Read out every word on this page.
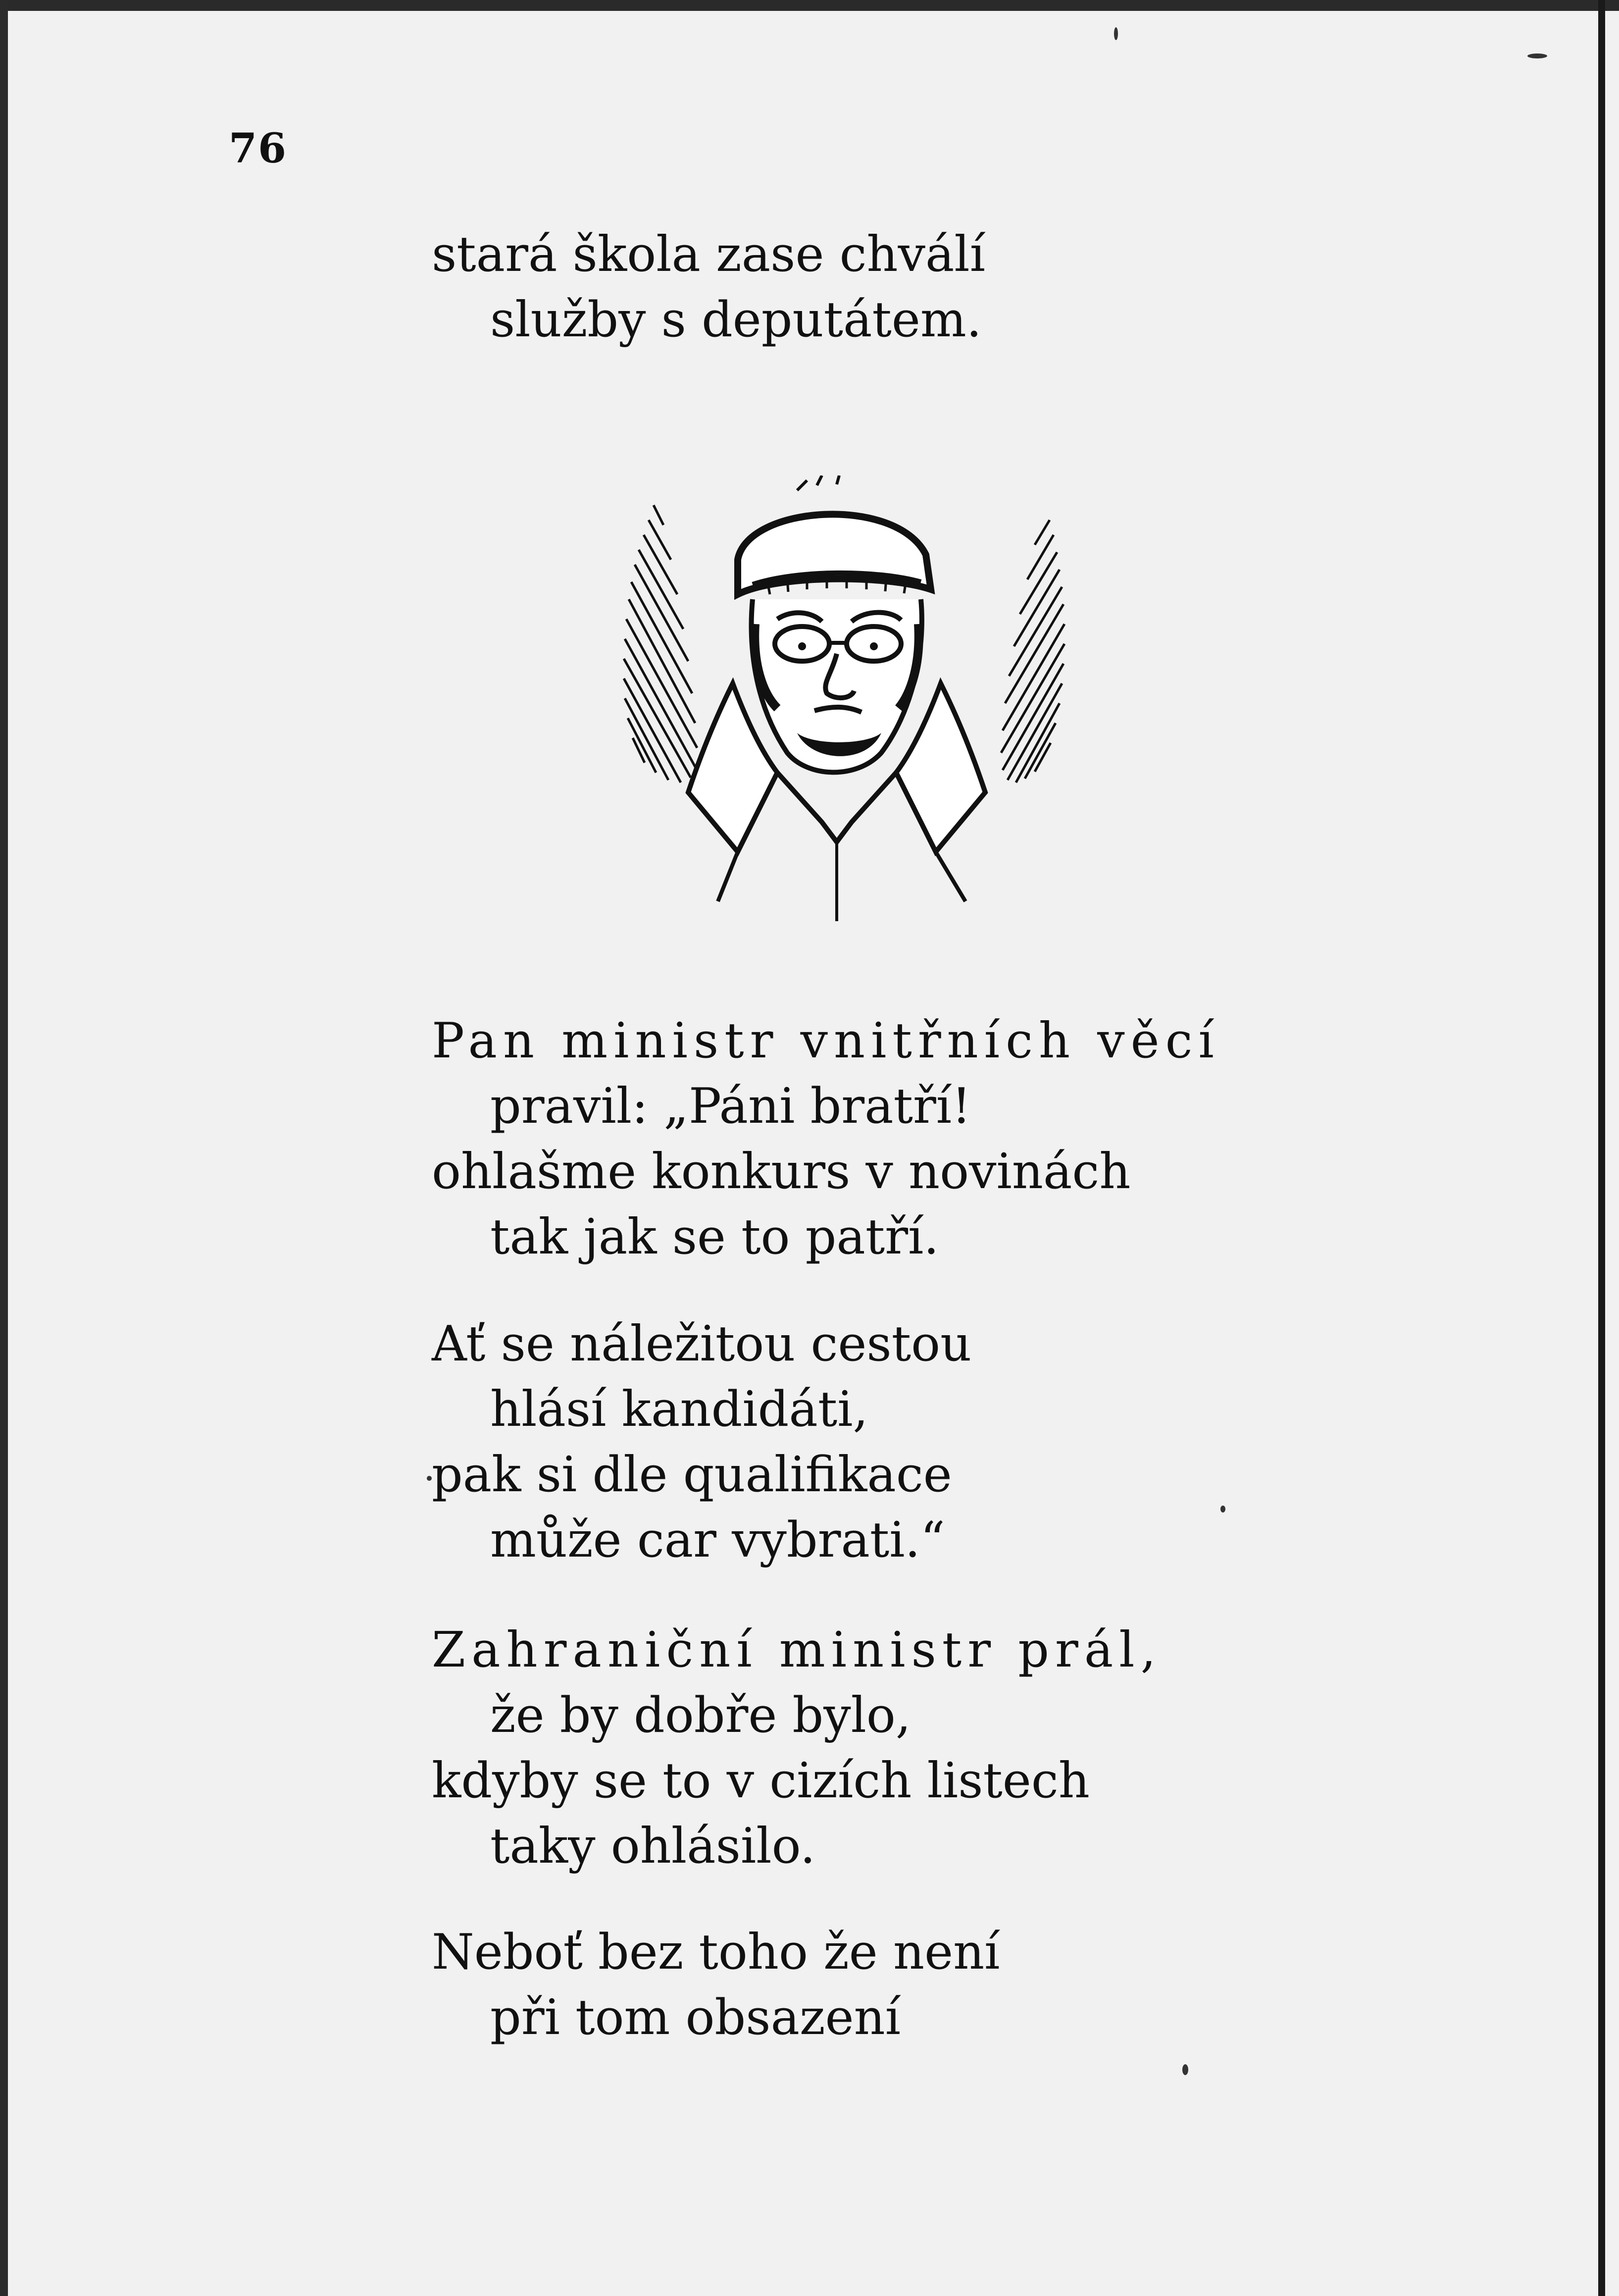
76
stará škola zase chválí
služby s deputátem.
Pan ministr vnitřních věcí
pravil: „Páni bratří!
ohlašme konkurs v novinách
tak jak se to patří.
Ať se náležitou cestou
hlásí kandidáti,
pak si dle qualifikace
může car vybrati.“
Zahraniční ministr prál,
že by dobře bylo,
kdyby se to v cizích listech
taky ohlásilo.
Neboť bez toho že není
při tom obsazení
